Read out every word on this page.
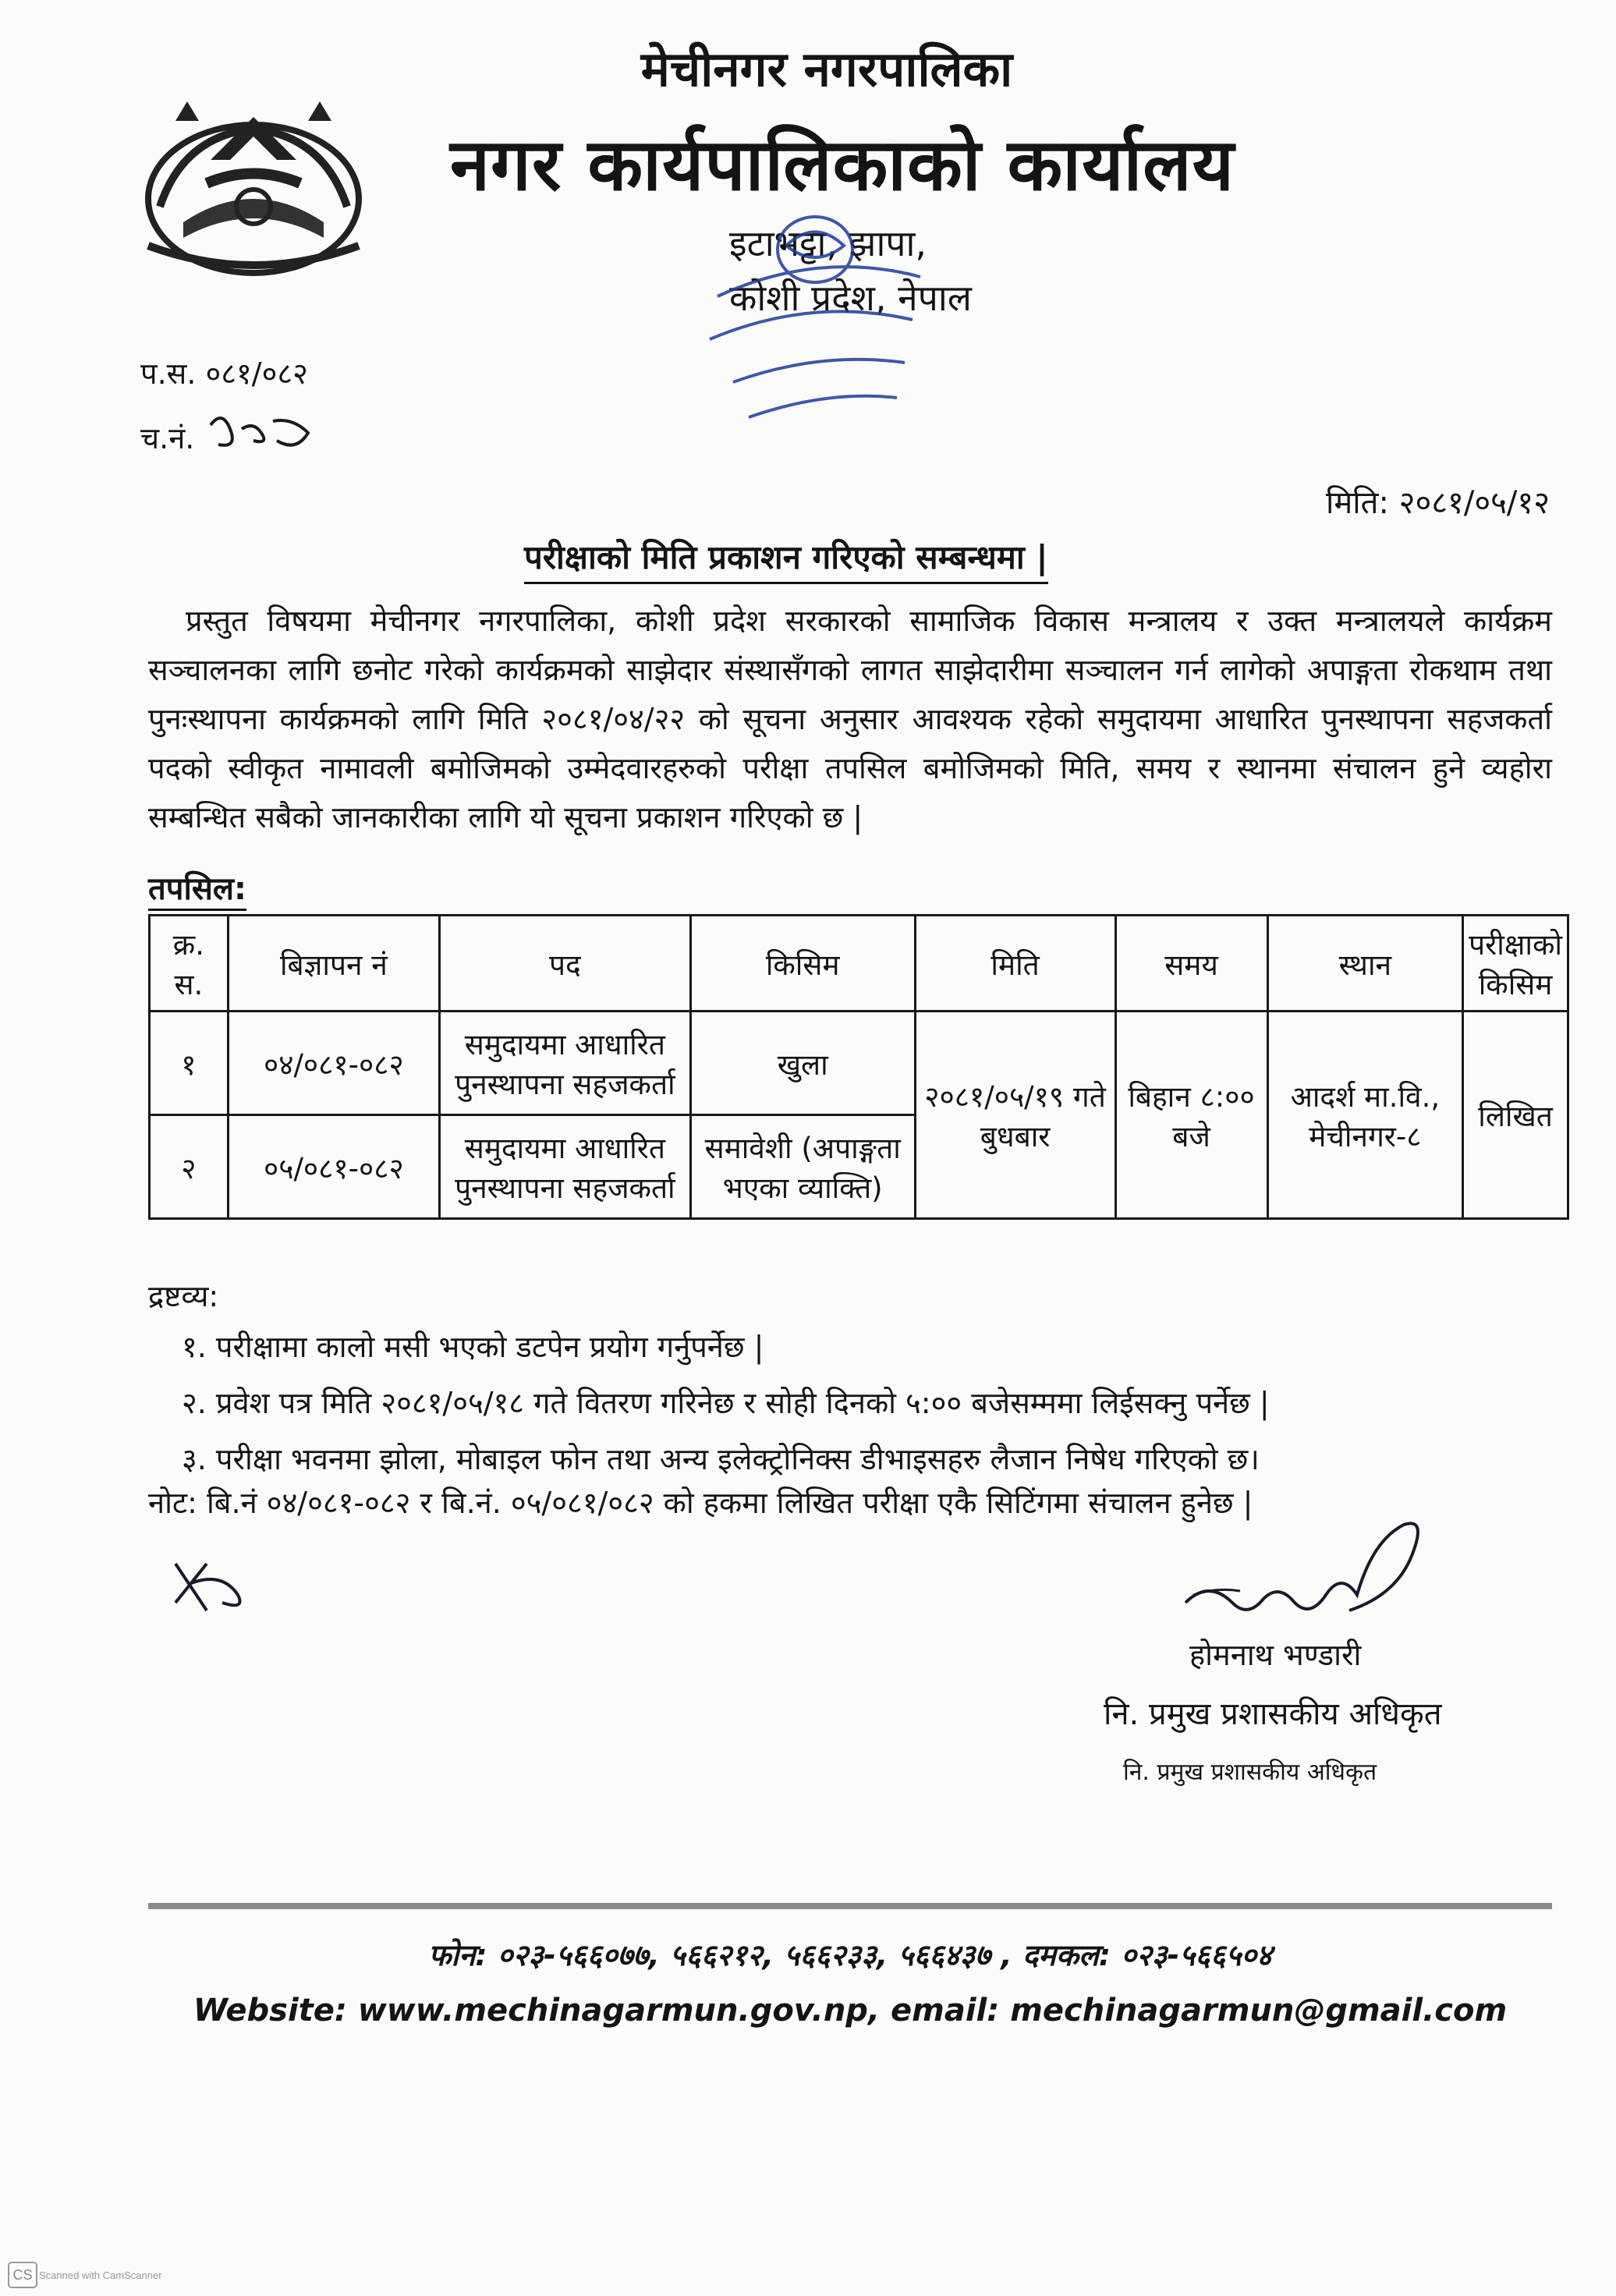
मेचीनगर नगरपालिका
नगर कार्यपालिकाको कार्यालय
इटाभट्टा, झापा,
कोशी प्रदेश, नेपाल
प.स. ०८१/०८२
च.नं.
मिति: २०८१/०५/१२
परीक्षाको मिति प्रकाशन गरिएको सम्बन्धमा |
प्रस्तुत विषयमा मेचीनगर नगरपालिका, कोशी प्रदेश सरकारको सामाजिक विकास मन्त्रालय र उक्त मन्त्रालयले कार्यक्रम सञ्चालनका लागि छनोट गरेको कार्यक्रमको साझेदार संस्थासँगको लागत साझेदारीमा सञ्चालन गर्न लागेको अपाङ्गता रोकथाम तथा पुनःस्थापना कार्यक्रमको लागि मिति २०८१/०४/२२ को सूचना अनुसार आवश्यक रहेको समुदायमा आधारित पुनस्थापना सहजकर्ता पदको स्वीकृत नामावली बमोजिमको उम्मेदवारहरुको परीक्षा तपसिल बमोजिमको मिति, समय र स्थानमा संचालन हुने व्यहोरा सम्बन्धित सबैको जानकारीका लागि यो सूचना प्रकाशन गरिएको छ |
तपसिल:
क्र. स.	बिज्ञापन नं	पद	किसिम	मिति	समय	स्थान	परीक्षाको किसिम
१	०४/०८१-०८२	समुदायमा आधारित पुनस्थापना सहजकर्ता	खुला	२०८१/०५/१९ गते बुधबार	बिहान ८:०० बजे	आदर्श मा.वि., मेचीनगर-८	लिखित
२	०५/०८१-०८२	समुदायमा आधारित पुनस्थापना सहजकर्ता	समावेशी (अपाङ्गता भएका व्याक्ति)				
द्रष्टव्य:
१. परीक्षामा कालो मसी भएको डटपेन प्रयोग गर्नुपर्नेछ |
२. प्रवेश पत्र मिति २०८१/०५/१८ गते वितरण गरिनेछ र सोही दिनको ५:०० बजेसम्ममा लिईसक्नु पर्नेछ |
३. परीक्षा भवनमा झोला, मोबाइल फोन तथा अन्य इलेक्ट्रोनिक्स डीभाइसहरु लैजान निषेध गरिएको छ।
नोट: बि.नं ०४/०८१-०८२ र बि.नं. ०५/०८१/०८२ को हकमा लिखित परीक्षा एकै सिटिंगमा संचालन हुनेछ |
होमनाथ भण्डारी
नि. प्रमुख प्रशासकीय अधिकृत
नि. प्रमुख प्रशासकीय अधिकृत
फोन: ०२३-५६६०७७, ५६६२१२, ५६६२३३, ५६६४३७ , दमकल: ०२३-५६६५०४
Website: www.mechinagarmun.gov.np, email: mechinagarmun@gmail.com
CS Scanned with CamScanner
